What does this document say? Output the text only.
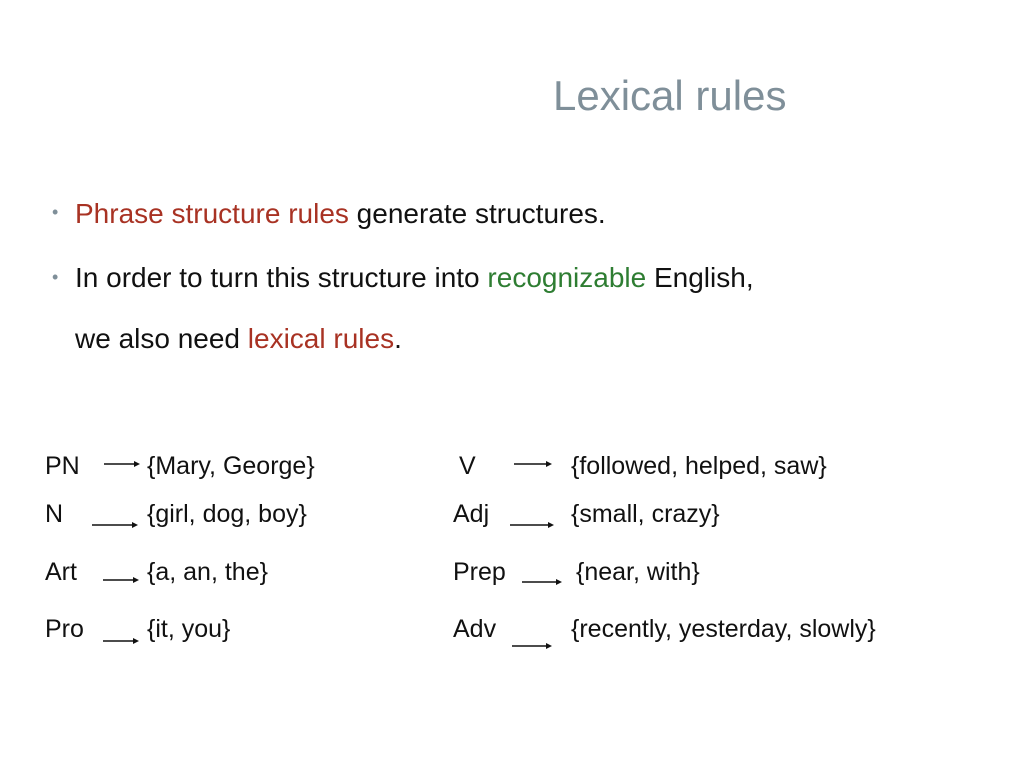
Lexical rules
• Phrase structure rules generate structures.
• In order to turn this structure into recognizable English,
we also need lexical rules.
PN	{Mary, George}
N	{girl, dog, boy}
Art	{a, an, the}
Pro	{it, you}
V	{followed, helped, saw}
Adj	{small, crazy}
Prep	{near, with}
Adv	{recently, yesterday, slowly}
